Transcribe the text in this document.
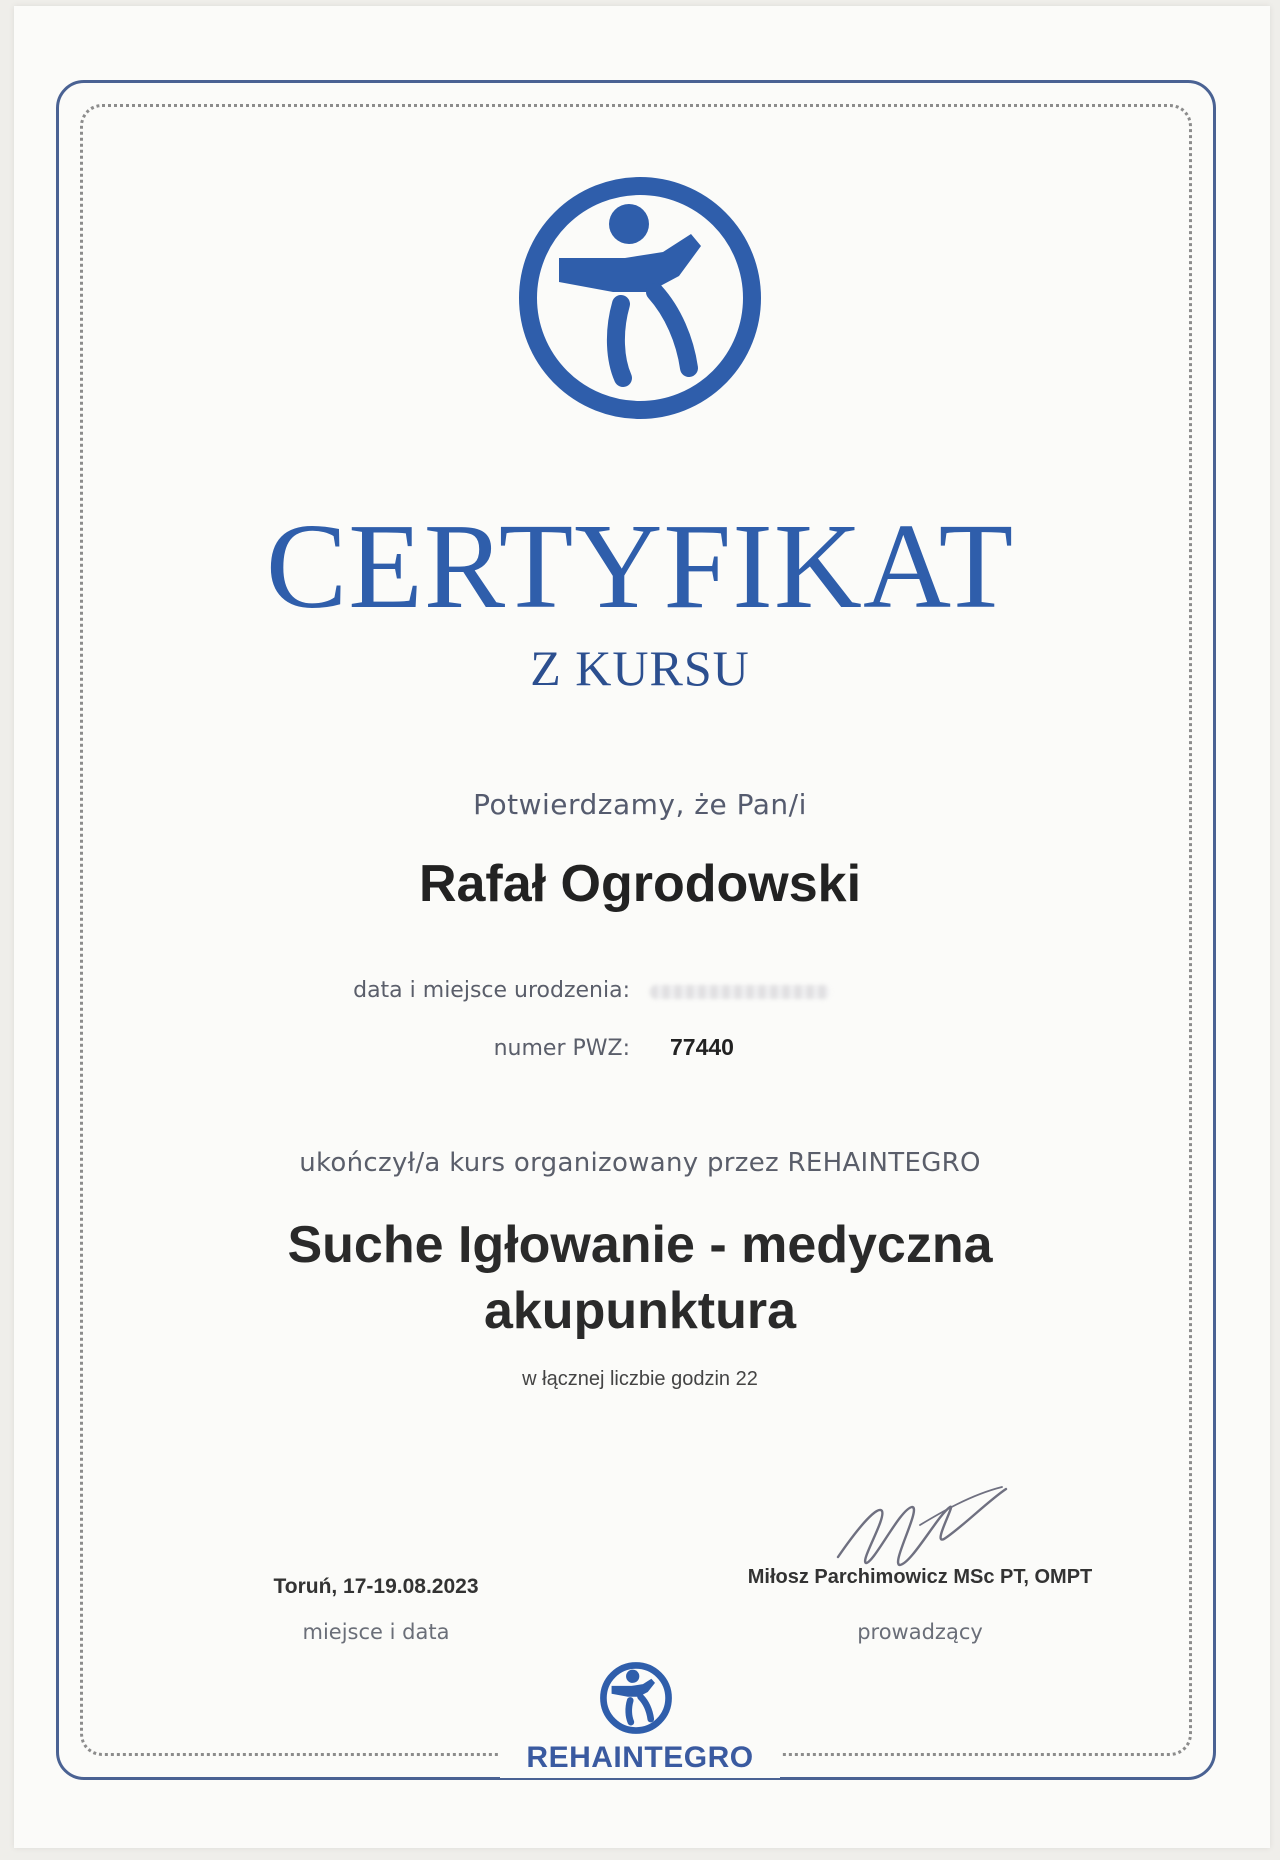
CERTYFIKAT
Z KURSU
Potwierdzamy, że Pan/i
Rafał Ogrodowski
data i miejsce urodzenia:
numer PWZ: 77440
ukończył/a kurs organizowany przez REHAINTEGRO
Suche Igłowanie - medyczna
akupunktura
w łącznej liczbie godzin 22
Toruń, 17-19.08.2023
miejsce i data
Miłosz Parchimowicz MSc PT, OMPT
prowadzący
REHAINTEGRO
